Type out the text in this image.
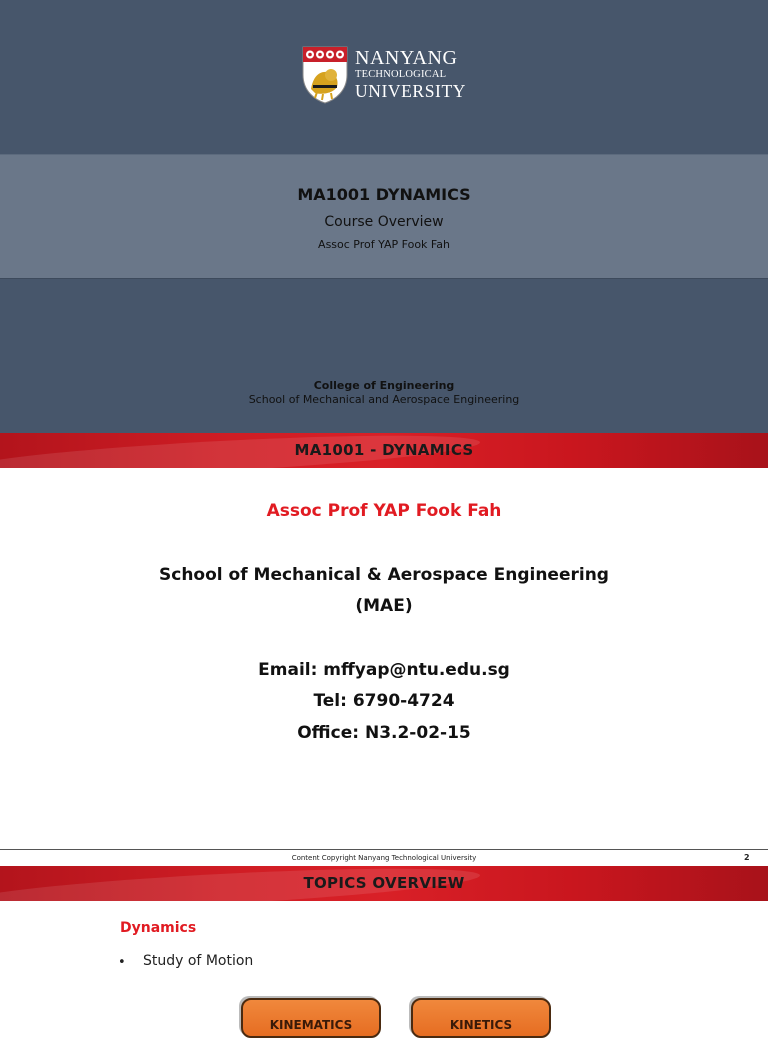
NANYANG
TECHNOLOGICAL
UNIVERSITY
MA1001 DYNAMICS
Course Overview
Assoc Prof YAP Fook Fah
College of Engineering
School of Mechanical and Aerospace Engineering
MA1001 - DYNAMICS
Assoc Prof YAP Fook Fah
School of Mechanical & Aerospace Engineering
(MAE)
Email: mffyap@ntu.edu.sg
Tel: 6790-4724
Office: N3.2-02-15
Content Copyright Nanyang Technological University	2
TOPICS OVERVIEW
Dynamics
• Study of Motion
KINEMATICS	KINETICS
